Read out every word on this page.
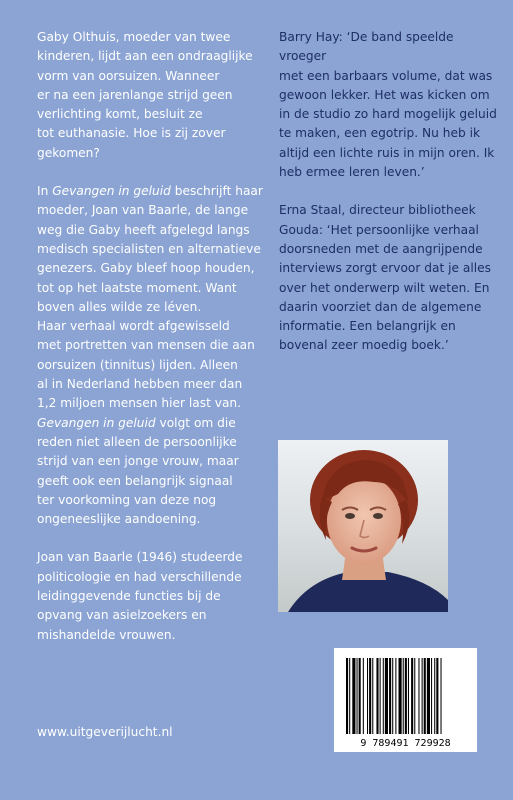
Gaby Olthuis, moeder van twee

kinderen, lijdt aan een ondraaglijke

vorm van oorsuizen. Wanneer

er na een jarenlange strijd geen

verlichting komt, besluit ze

tot euthanasie. Hoe is zij zover

gekomen?

In Gevangen in geluid beschrijft haar

moeder, Joan van Baarle, de lange

weg die Gaby heeft afgelegd langs

medisch specialisten en alternatieve

genezers. Gaby bleef hoop houden,

tot op het laatste moment. Want

boven alles wilde ze léven.

Haar verhaal wordt afgewisseld

met portretten van mensen die aan

oorsuizen (tinnitus) lijden. Alleen

al in Nederland hebben meer dan

1,2 miljoen mensen hier last van.

Gevangen in geluid volgt om die

reden niet alleen de persoonlijke

strijd van een jonge vrouw, maar

geeft ook een belangrijk signaal

ter voorkoming van deze nog

ongeneeslijke aandoening.

Joan van Baarle (1946) studeerde

politicologie en had verschillende

leidinggevende functies bij de

opvang van asielzoekers en

mishandelde vrouwen.

www.uitgeverijlucht.nl

Barry Hay: ‘De band speelde vroeger

met een barbaars volume, dat was

gewoon lekker. Het was kicken om

in de studio zo hard mogelijk geluid

te maken, een egotrip. Nu heb ik

altijd een lichte ruis in mijn oren. Ik

heb ermee leren leven.’

Erna Staal, directeur bibliotheek

Gouda: ‘Het persoonlijke verhaal

doorsneden met de aangrijpende

interviews zorgt ervoor dat je alles

over het onderwerp wilt weten. En

daarin voorziet dan de algemene

informatie. Een belangrijk en

bovenal zeer moedig boek.’

9 789491 729928
